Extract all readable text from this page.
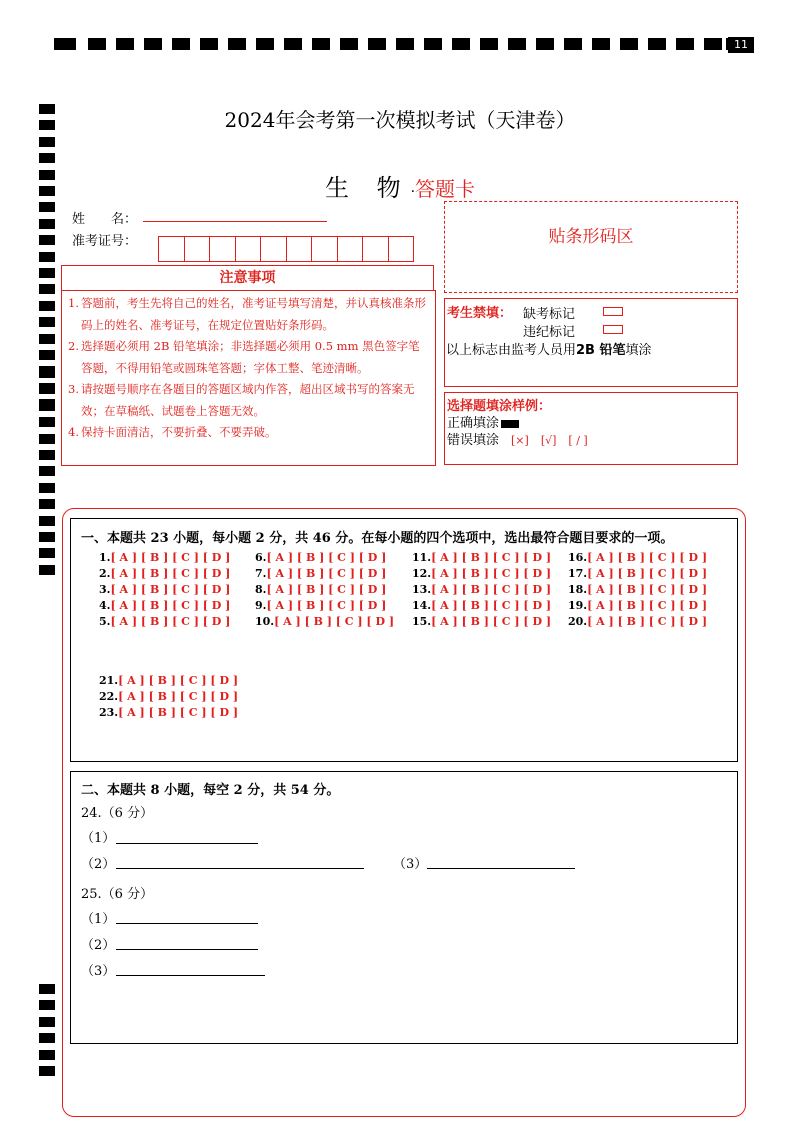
11
2024年会考第一次模拟考试（天津卷）
生 物·答题卡
姓　　名：
准考证号：
注意事项
1. 答题前，考生先将自己的姓名，准考证号填写清楚，并认真核准条形码上的姓名、准考证号，在规定位置贴好条形码。
2. 选择题必须用 2B 铅笔填涂；非选择题必须用 0.5 mm 黑色签字笔答题，不得用铅笔或圆珠笔答题；字体工整、笔迹清晰。
3. 请按题号顺序在各题目的答题区域内作答，超出区域书写的答案无效；在草稿纸、试题卷上答题无效。
4. 保持卡面清洁，不要折叠、不要弄破。
贴条形码区
考生禁填： 缺考标记
违纪标记
以上标志由监考人员用2B 铅笔填涂
选择题填涂样例：
正确填涂
错误填涂 [×] [√] [ / ]
一、本题共 23 小题，每小题 2 分，共 46 分。在每小题的四个选项中，选出最符合题目要求的一项。
1.[ A ] [ B ] [ C ] [ D ]
2.[ A ] [ B ] [ C ] [ D ]
3.[ A ] [ B ] [ C ] [ D ]
4.[ A ] [ B ] [ C ] [ D ]
5.[ A ] [ B ] [ C ] [ D ]
6.[ A ] [ B ] [ C ] [ D ]
7.[ A ] [ B ] [ C ] [ D ]
8.[ A ] [ B ] [ C ] [ D ]
9.[ A ] [ B ] [ C ] [ D ]
10.[ A ] [ B ] [ C ] [ D ]
11.[ A ] [ B ] [ C ] [ D ]
12.[ A ] [ B ] [ C ] [ D ]
13.[ A ] [ B ] [ C ] [ D ]
14.[ A ] [ B ] [ C ] [ D ]
15.[ A ] [ B ] [ C ] [ D ]
16.[ A ] [ B ] [ C ] [ D ]
17.[ A ] [ B ] [ C ] [ D ]
18.[ A ] [ B ] [ C ] [ D ]
19.[ A ] [ B ] [ C ] [ D ]
20.[ A ] [ B ] [ C ] [ D ]
21.[ A ] [ B ] [ C ] [ D ]
22.[ A ] [ B ] [ C ] [ D ]
23.[ A ] [ B ] [ C ] [ D ]
二、本题共 8 小题，每空 2 分，共 54 分。
24.（6 分）
（1）
（2）	（3）
25.（6 分）
（1）
（2）
（3）
